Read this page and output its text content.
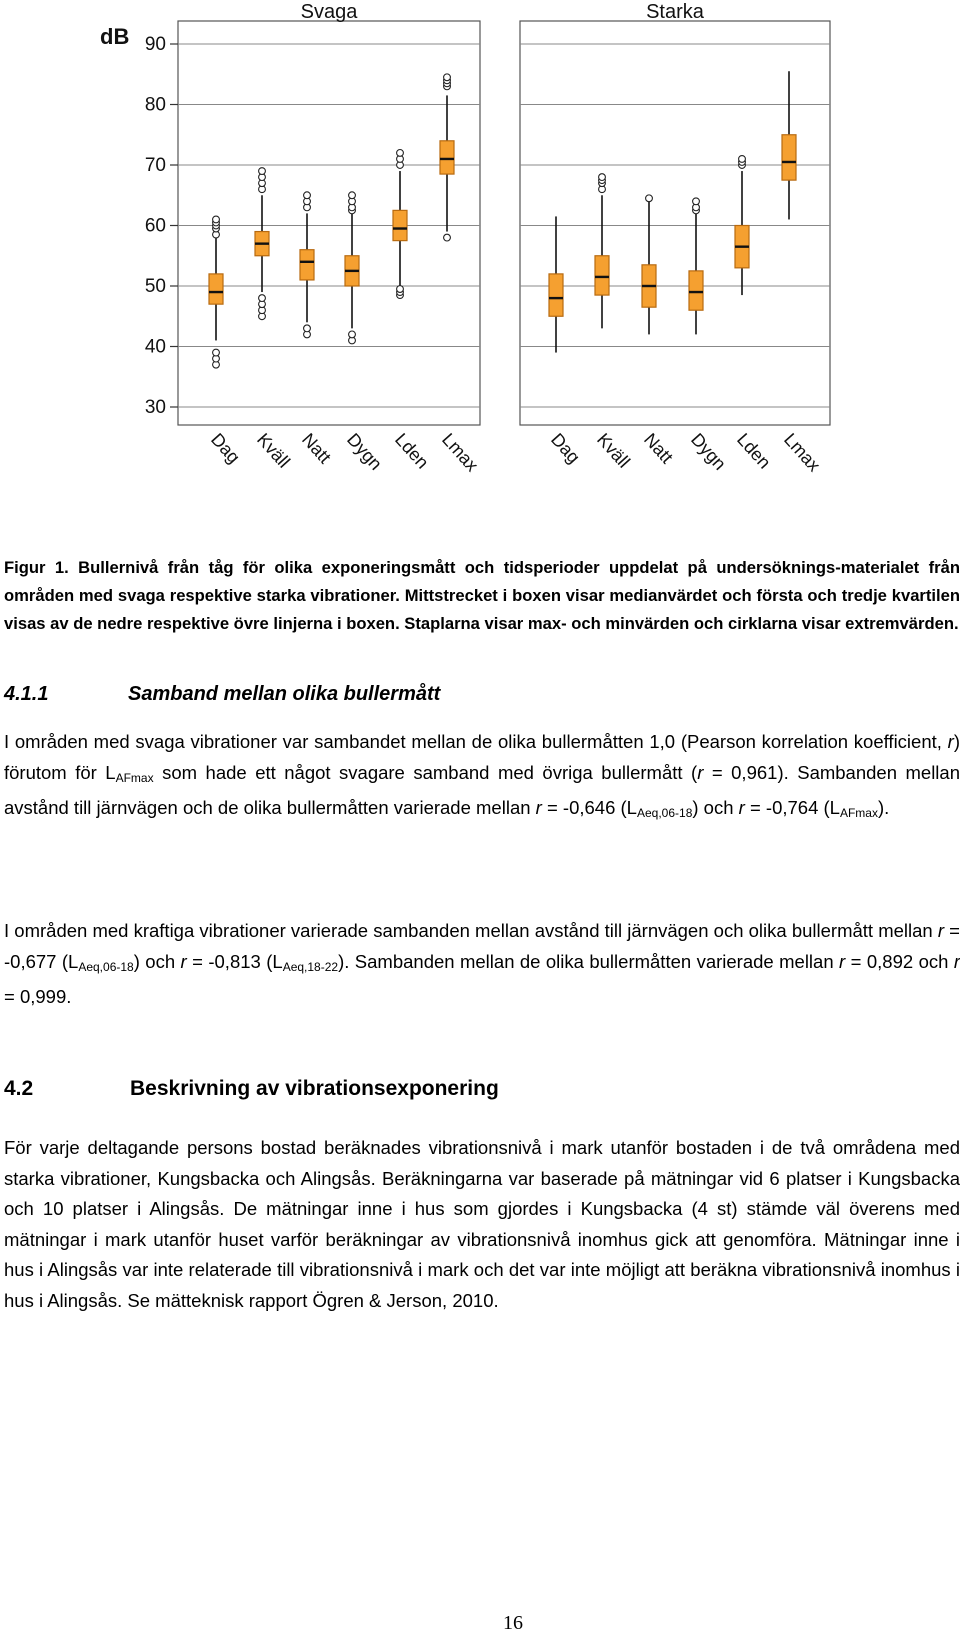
Svaga
30
40
50
60
70
80
90
dB
Dag Kväll Natt Dygn Lden Lmax
Starka
Dag Kväll Natt Dygn Lden Lmax

Figur 1. Bullernivå från tåg för olika exponeringsmått och tidsperioder uppdelat på undersöknings-materialet från områden med svaga respektive starka vibrationer. Mittstrecket i boxen visar medianvärdet och första och tredje kvartilen visas av de nedre respektive övre linjerna i boxen. Staplarna visar max- och minvärden och cirklarna visar extremvärden.

4.1.1	Samband mellan olika bullermått

I områden med svaga vibrationer var sambandet mellan de olika bullermåtten 1,0 (Pearson korrelation koefficient, r) förutom för $L_{AFmax}$ som hade ett något svagare samband med övriga bullermått (r = 0,961). Sambanden mellan avstånd till järnvägen och de olika bullermåtten varierade mellan r = -0,646 $(L_{Aeq,06-18})$ och r = -0,764 $(L_{AFmax})$.

I områden med kraftiga vibrationer varierade sambanden mellan avstånd till järnvägen och olika bullermått mellan r = -0,677 $(L_{Aeq,06-18})$ och r = -0,813 $(L_{Aeq,18-22})$. Sambanden mellan de olika bullermåtten varierade mellan r = 0,892 och r = 0,999.

4.2	Beskrivning av vibrationsexponering

För varje deltagande persons bostad beräknades vibrationsnivå i mark utanför bostaden i de två områdena med starka vibrationer, Kungsbacka och Alingsås. Beräkningarna var baserade på mätningar vid 6 platser i Kungsbacka och 10 platser i Alingsås. De mätningar inne i hus som gjordes i Kungsbacka (4 st) stämde väl överens med mätningar i mark utanför huset varför beräkningar av vibrationsnivå inomhus gick att genomföra. Mätningar inne i hus i Alingsås var inte relaterade till vibrationsnivå i mark och det var inte möjligt att beräkna vibrationsnivå inomhus i hus i Alingsås. Se mätteknisk rapport Ögren & Jerson, 2010.

16
